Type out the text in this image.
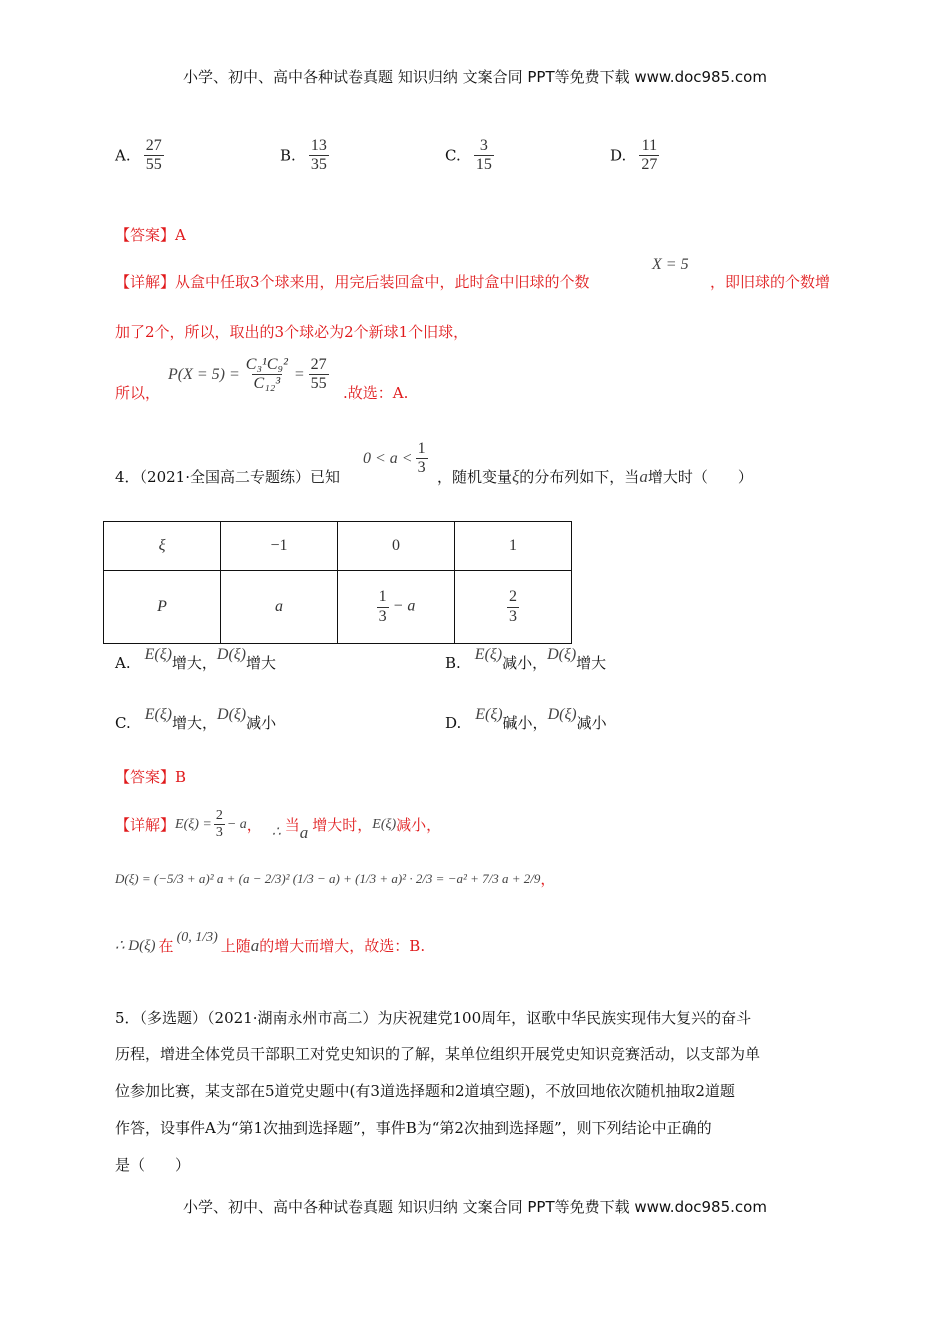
小学、初中、高中各种试卷真题 知识归纳 文案合同 PPT等免费下载 www.doc985.com
A. $\frac{27}{55}$	B. $\frac{13}{35}$	C. $\frac{3}{15}$	D. $\frac{11}{27}$
【答案】A
【详解】从盒中任取3个球来用，用完后装回盒中，此时盒中旧球的个数
X = 5
，即旧球的个数增
加了2个，所以，取出的3个球必为2个新球1个旧球，
所以，
$P(X = 5) = \frac{\text{C₃¹C₉²}}{\text{C₁₂³}} = \frac{27}{55}$ .故选：A.
4．（2021·全国高二专题练）已知
$0 < a < \frac{1}{3}$ ，随机变量ξ的分布列如下，当a增大时（　　）
ξ	−1	0	1
P	a	$\frac{1}{3} - a$	$\frac{2}{3}$
A. E(ξ) 增大， D(ξ) 增大	B. E(ξ) 减小， D(ξ) 增大
C. E(ξ) 增大， D(ξ) 减小	D. E(ξ) 碱小， D(ξ) 减小
【答案】B
【详解】 $E(\xi) = \frac{2}{3} - a$ ， ∴ 当 a 增大时， E(ξ) 减小，
D(ξ) = (−5/3 + a)² a + (a − 2/3)² (1/3 − a) + (1/3 + a)² · 2/3 = −a² + 7/3 a + 2/9 ，
∴ D(ξ) 在 (0, 1/3) 上随 a 的增大而增大，故选：B.
5．（多选题）（2021·湖南永州市高二）为庆祝建党100周年，讴歌中华民族实现伟大复兴的奋斗
历程，增进全体党员干部职工对党史知识的了解，某单位组织开展党史知识竞赛活动，以支部为单
位参加比赛，某支部在5道党史题中(有3道选择题和2道填空题)，不放回地依次随机抽取2道题
作答，设事件A为“第1次抽到选择题”，事件B为“第2次抽到选择题”，则下列结论中正确的
是（　　）
小学、初中、高中各种试卷真题 知识归纳 文案合同 PPT等免费下载 www.doc985.com
